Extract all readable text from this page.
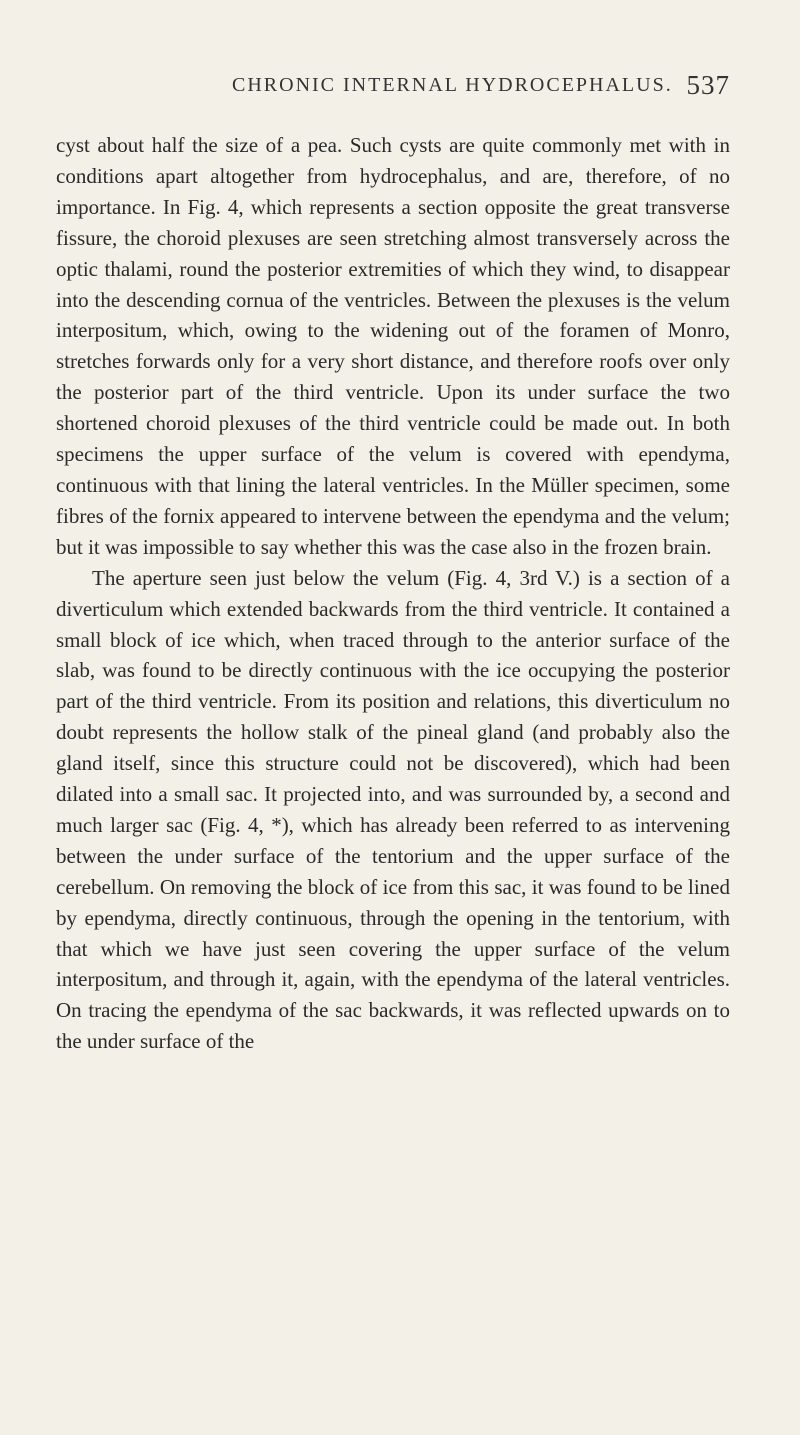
CHRONIC INTERNAL HYDROCEPHALUS. 537

cyst about half the size of a pea. Such cysts are quite commonly met with in conditions apart altogether from hydrocephalus, and are, therefore, of no importance. In Fig. 4, which represents a section opposite the great transverse fissure, the choroid plexuses are seen stretching almost transversely across the optic thalami, round the posterior extremities of which they wind, to disappear into the descending cornua of the ventricles. Between the plexuses is the velum interpositum, which, owing to the widening out of the foramen of Monro, stretches forwards only for a very short distance, and therefore roofs over only the posterior part of the third ventricle. Upon its under surface the two shortened choroid plexuses of the third ventricle could be made out. In both specimens the upper surface of the velum is covered with ependyma, continuous with that lining the lateral ventricles. In the Müller specimen, some fibres of the fornix appeared to intervene between the ependyma and the velum; but it was impossible to say whether this was the case also in the frozen brain.

The aperture seen just below the velum (Fig. 4, 3rd V.) is a section of a diverticulum which extended backwards from the third ventricle. It contained a small block of ice which, when traced through to the anterior surface of the slab, was found to be directly continuous with the ice occupying the posterior part of the third ventricle. From its position and relations, this diverticulum no doubt represents the hollow stalk of the pineal gland (and probably also the gland itself, since this structure could not be discovered), which had been dilated into a small sac. It projected into, and was surrounded by, a second and much larger sac (Fig. 4, *), which has already been referred to as intervening between the under surface of the tentorium and the upper surface of the cerebellum. On removing the block of ice from this sac, it was found to be lined by ependyma, directly continuous, through the opening in the tentorium, with that which we have just seen covering the upper surface of the velum interpositum, and through it, again, with the ependyma of the lateral ventricles. On tracing the ependyma of the sac backwards, it was reflected upwards on to the under surface of the
